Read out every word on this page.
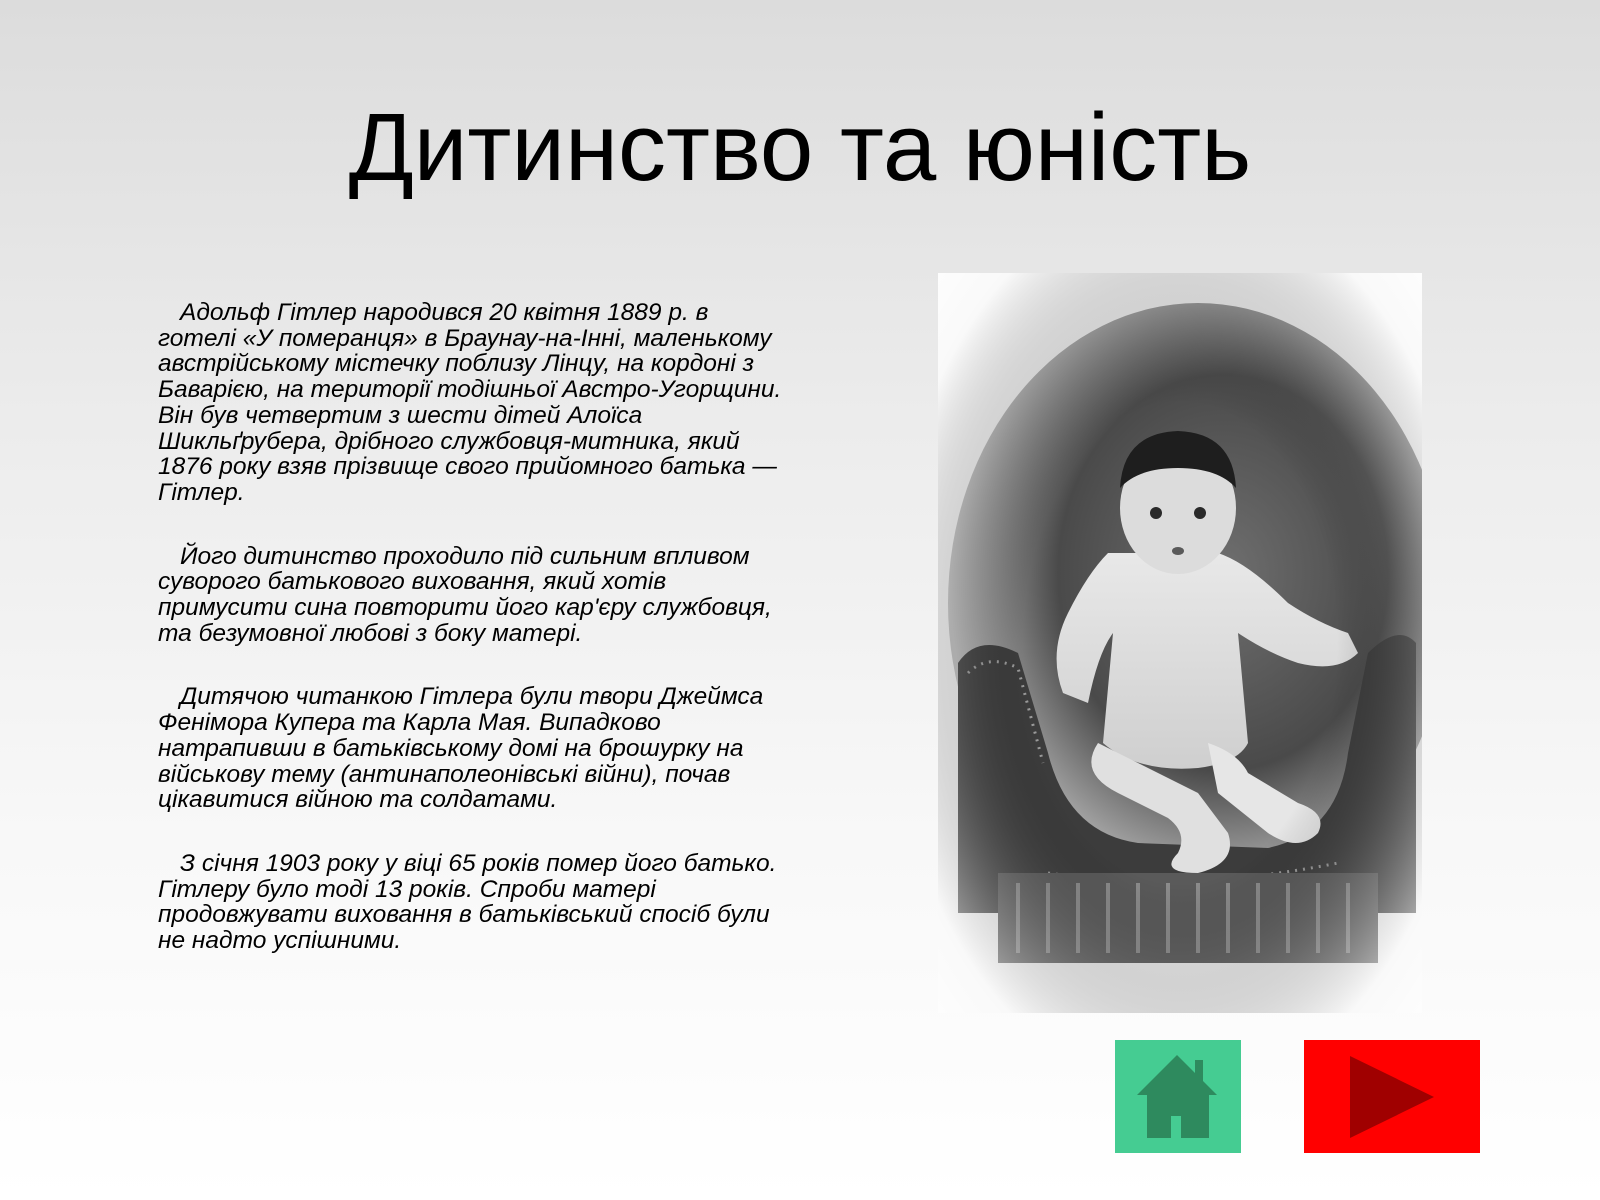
Дитинство та юність

Адольф Гітлер народився 20 квітня 1889 р. в готелі «У померанця» в Браунау-на-Інні, маленькому австрійському містечку поблизу Лінцу, на кордоні з Баварією, на території тодішньої Австро-Угорщини. Він був четвертим з шести дітей Алоїса Шикльґрубера, дрібного службовця-митника, який 1876 року взяв прізвище свого прийомного батька — Гітлер.

Його дитинство проходило під сильним впливом суворого батькового виховання, який хотів примусити сина повторити його кар'єру службовця, та безумовної любові з боку матері.

Дитячою читанкою Гітлера були твори Джеймса Фенімора Купера та Карла Мая. Випадково натрапивши в батьківському домі на брошурку на військову тему (антинаполеонівські війни), почав цікавитися війною та солдатами.

З січня 1903 року у віці 65 років помер його батько. Гітлеру було тоді 13 років. Спроби матері продовжувати виховання в батьківський спосіб були не надто успішними.
